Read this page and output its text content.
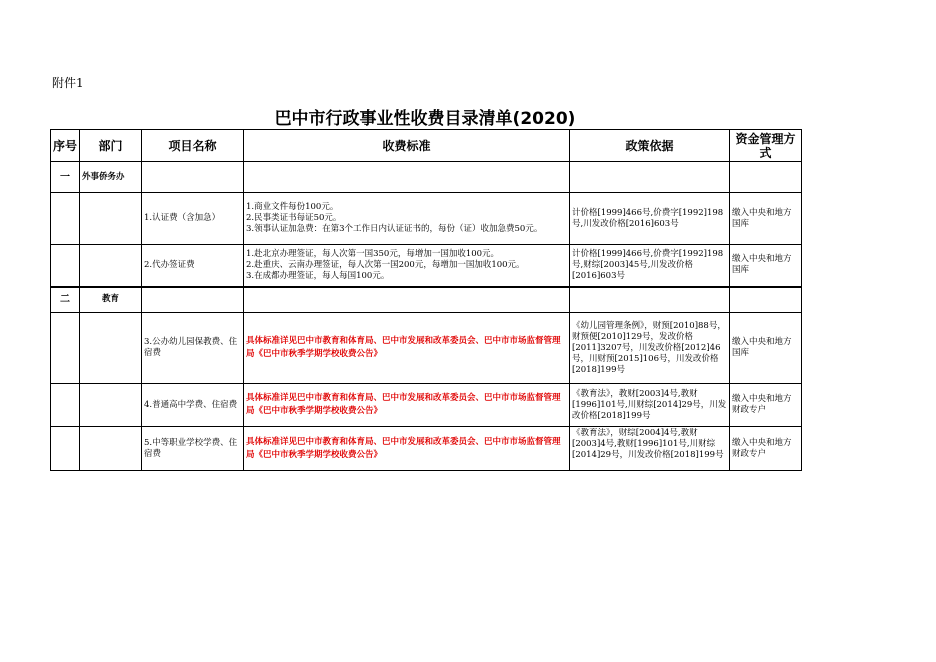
附件1
巴中市行政事业性收费目录清单(2020)
序号	部门	项目名称	收费标准	政策依据	资金管理方式
一	外事侨务办				
		1.认证费（含加急）	1.商业文件每份100元。
2.民事类证书每证50元。
3.领事认证加急费：在第3个工作日内认证证书的，每份（证）收加急费50元。	计价格[1999]466号,价费字[1992]198号,川发改价格[2016]603号	缴入中央和地方国库
		2.代办签证费	1.赴北京办理签证，每人次第一国350元，每增加一国加收100元。
2.赴重庆、云南办理签证，每人次第一国200元，每增加一国加收100元。
3.在成都办理签证，每人每国100元。	计价格[1999]466号,价费字[1992]198号,财综[2003]45号,川发改价格[2016]603号	缴入中央和地方国库
二	教育				
		3.公办幼儿园保教费、住宿费	具体标准详见巴中市教育和体育局、巴中市发展和改革委员会、巴中市市场监督管理局《巴中市秋季学期学校收费公告》	《幼儿园管理条例》，财预[2010]88号，财预便[2010]129号，发改价格[2011]3207号，川发改价格[2012]46号，川财预[2015]106号，川发改价格[2018]199号	缴入中央和地方国库
		4.普通高中学费、住宿费	具体标准详见巴中市教育和体育局、巴中市发展和改革委员会、巴中市市场监督管理局《巴中市秋季学期学校收费公告》	《教育法》，教财[2003]4号,教财[1996]101号,川财综[2014]29号，川发改价格[2018]199号	缴入中央和地方财政专户
		5.中等职业学校学费、住宿费	具体标准详见巴中市教育和体育局、巴中市发展和改革委员会、巴中市市场监督管理局《巴中市秋季学期学校收费公告》	《教育法》，财综[2004]4号,教财[2003]4号,教财[1996]101号,川财综[2014]29号，川发改价格[2018]199号	缴入中央和地方财政专户
